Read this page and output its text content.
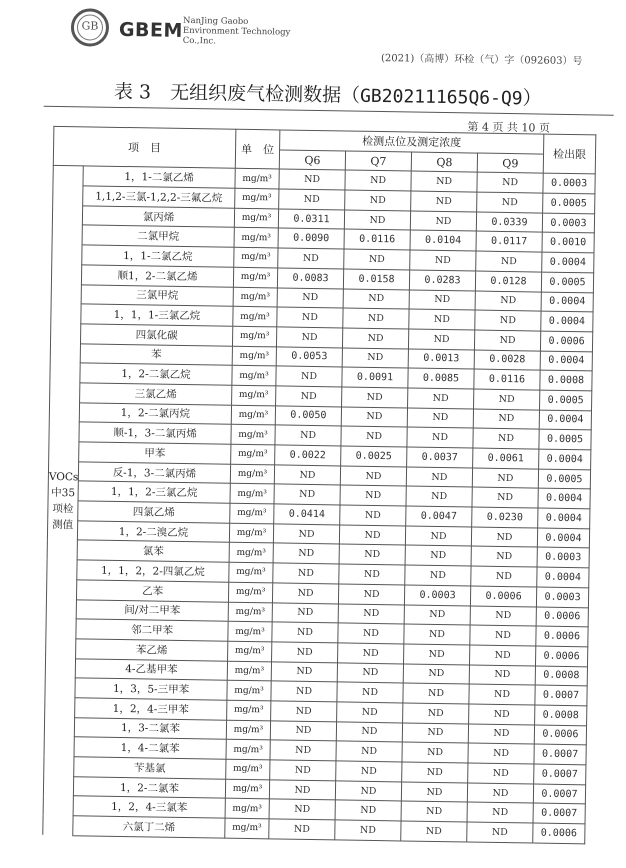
GB GBEM NanJing Gaobo
Environment Technology
Co.,Inc.
(2021)（高博）环检（气）字（092603）号
表 3　无组织废气检测数据（GB20211165Q6-Q9）
第 4 页 共 10 页
项　目		单　位	检测点位及测定浓度				检出限
			Q6	Q7	Q8	Q9	

VOCs
中35
项检
测值	1，1-二氯乙烯	mg/m³	ND	ND	ND	ND	0.0003
	1,1,2-三氯-1,2,2-三氟乙烷	mg/m³	ND	ND	ND	ND	0.0005
	氯丙烯	mg/m³	0.0311	ND	ND	0.0339	0.0003
	二氯甲烷	mg/m³	0.0090	0.0116	0.0104	0.0117	0.0010
	1，1-二氯乙烷	mg/m³	ND	ND	ND	ND	0.0004
	顺1，2-二氯乙烯	mg/m³	0.0083	0.0158	0.0283	0.0128	0.0005
	三氯甲烷	mg/m³	ND	ND	ND	ND	0.0004
	1，1，1-三氯乙烷	mg/m³	ND	ND	ND	ND	0.0004
	四氯化碳	mg/m³	ND	ND	ND	ND	0.0006
	苯	mg/m³	0.0053	ND	0.0013	0.0028	0.0004
	1，2-二氯乙烷	mg/m³	ND	0.0091	0.0085	0.0116	0.0008
	三氯乙烯	mg/m³	ND	ND	ND	ND	0.0005
	1，2-二氯丙烷	mg/m³	0.0050	ND	ND	ND	0.0004
	顺-1，3-二氯丙烯	mg/m³	ND	ND	ND	ND	0.0005
	甲苯	mg/m³	0.0022	0.0025	0.0037	0.0061	0.0004
	反-1，3-二氯丙烯	mg/m³	ND	ND	ND	ND	0.0005
	1，1，2-三氯乙烷	mg/m³	ND	ND	ND	ND	0.0004
	四氯乙烯	mg/m³	0.0414	ND	0.0047	0.0230	0.0004
	1，2-二溴乙烷	mg/m³	ND	ND	ND	ND	0.0004
	氯苯	mg/m³	ND	ND	ND	ND	0.0003
	1，1，2，2-四氯乙烷	mg/m³	ND	ND	ND	ND	0.0004
	乙苯	mg/m³	ND	ND	0.0003	0.0006	0.0003
	间/对二甲苯	mg/m³	ND	ND	ND	ND	0.0006
	邻二甲苯	mg/m³	ND	ND	ND	ND	0.0006
	苯乙烯	mg/m³	ND	ND	ND	ND	0.0006
	4-乙基甲苯	mg/m³	ND	ND	ND	ND	0.0008
	1，3，5-三甲苯	mg/m³	ND	ND	ND	ND	0.0007
	1，2，4-三甲苯	mg/m³	ND	ND	ND	ND	0.0008
	1，3-二氯苯	mg/m³	ND	ND	ND	ND	0.0006
	1，4-二氯苯	mg/m³	ND	ND	ND	ND	0.0007
	苄基氯	mg/m³	ND	ND	ND	ND	0.0007
	1，2-二氯苯	mg/m³	ND	ND	ND	ND	0.0007
	1，2，4-三氯苯	mg/m³	ND	ND	ND	ND	0.0007
	六氯丁二烯	mg/m³	ND	ND	ND	ND	0.0006
